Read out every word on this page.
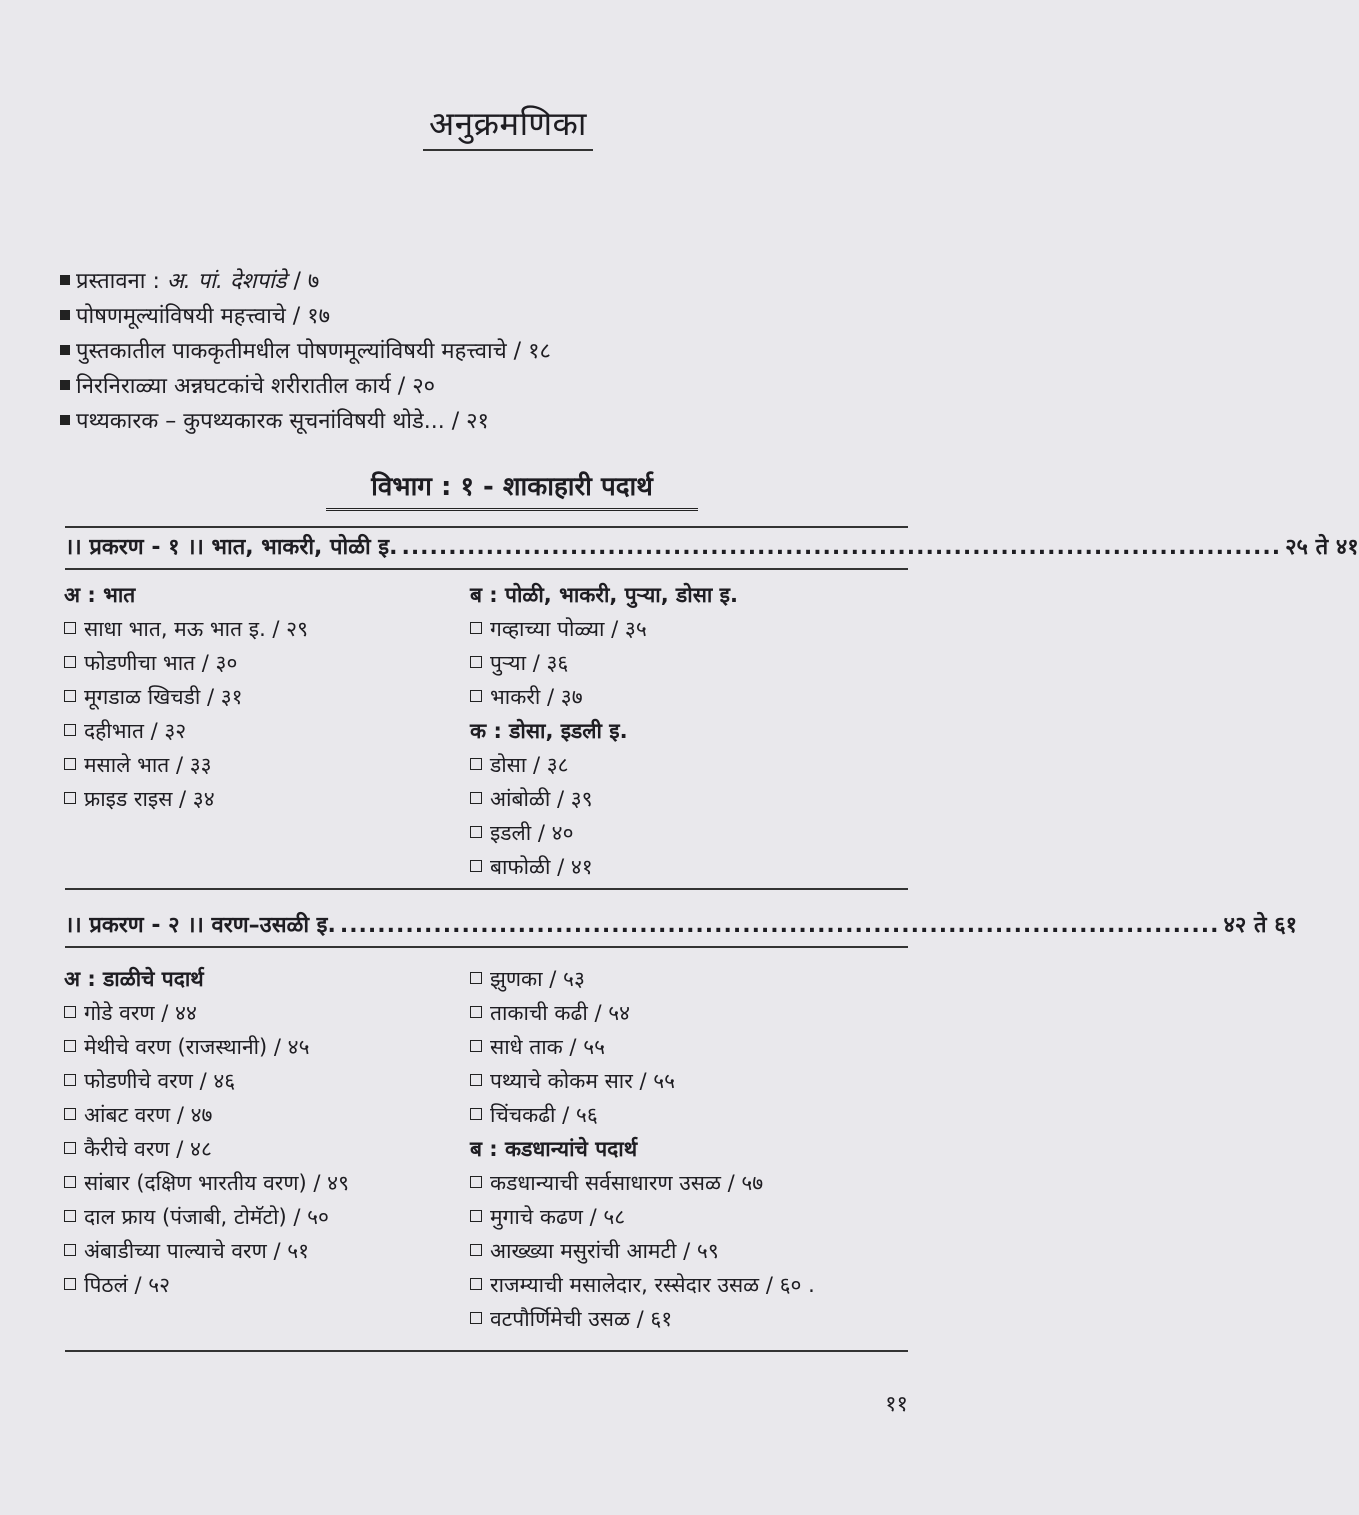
अनुक्रमणिका
प्रस्तावना : अ. पां. देशपांडे / ७
पोषणमूल्यांविषयी महत्त्वाचे / १७
पुस्तकातील पाककृतीमधील पोषणमूल्यांविषयी महत्त्वाचे / १८
निरनिराळ्या अन्नघटकांचे शरीरातील कार्य / २०
पथ्यकारक – कुपथ्यकारक सूचनांविषयी थोडे... / २१
विभाग : १ - शाकाहारी पदार्थ
।। प्रकरण - १ ।। भात, भाकरी, पोळी इ. .............................................................................................. २५ ते ४१
अ : भात
साधा भात, मऊ भात इ. / २९
फोडणीचा भात / ३०
मूगडाळ खिचडी / ३१
दहीभात / ३२
मसाले भात / ३३
फ्राइड राइस / ३४
ब : पोळी, भाकरी, पुऱ्या, डोसा इ.
गव्हाच्या पोळ्या / ३५
पुऱ्या / ३६
भाकरी / ३७
क : डोसा, इडली इ.
डोसा / ३८
आंबोळी / ३९
इडली / ४०
बाफोळी / ४१
।। प्रकरण - २ ।। वरण–उसळी इ. .............................................................................................. ४२ ते ६१
अ : डाळीचे पदार्थ
गोडे वरण / ४४
मेथीचे वरण (राजस्थानी) / ४५
फोडणीचे वरण / ४६
आंबट वरण / ४७
कैरीचे वरण / ४८
सांबार (दक्षिण भारतीय वरण) / ४९
दाल फ्राय (पंजाबी, टोमॅटो) / ५०
अंबाडीच्या पाल्याचे वरण / ५१
पिठलं / ५२
झुणका / ५३
ताकाची कढी / ५४
साधे ताक / ५५
पथ्याचे कोकम सार / ५५
चिंचकढी / ५६
ब : कडधान्यांचे पदार्थ
कडधान्याची सर्वसाधारण उसळ / ५७
मुगाचे कढण / ५८
आख्ख्या मसुरांची आमटी / ५९
राजम्याची मसालेदार, रस्सेदार उसळ / ६० .
वटपौर्णिमेची उसळ / ६१
११
